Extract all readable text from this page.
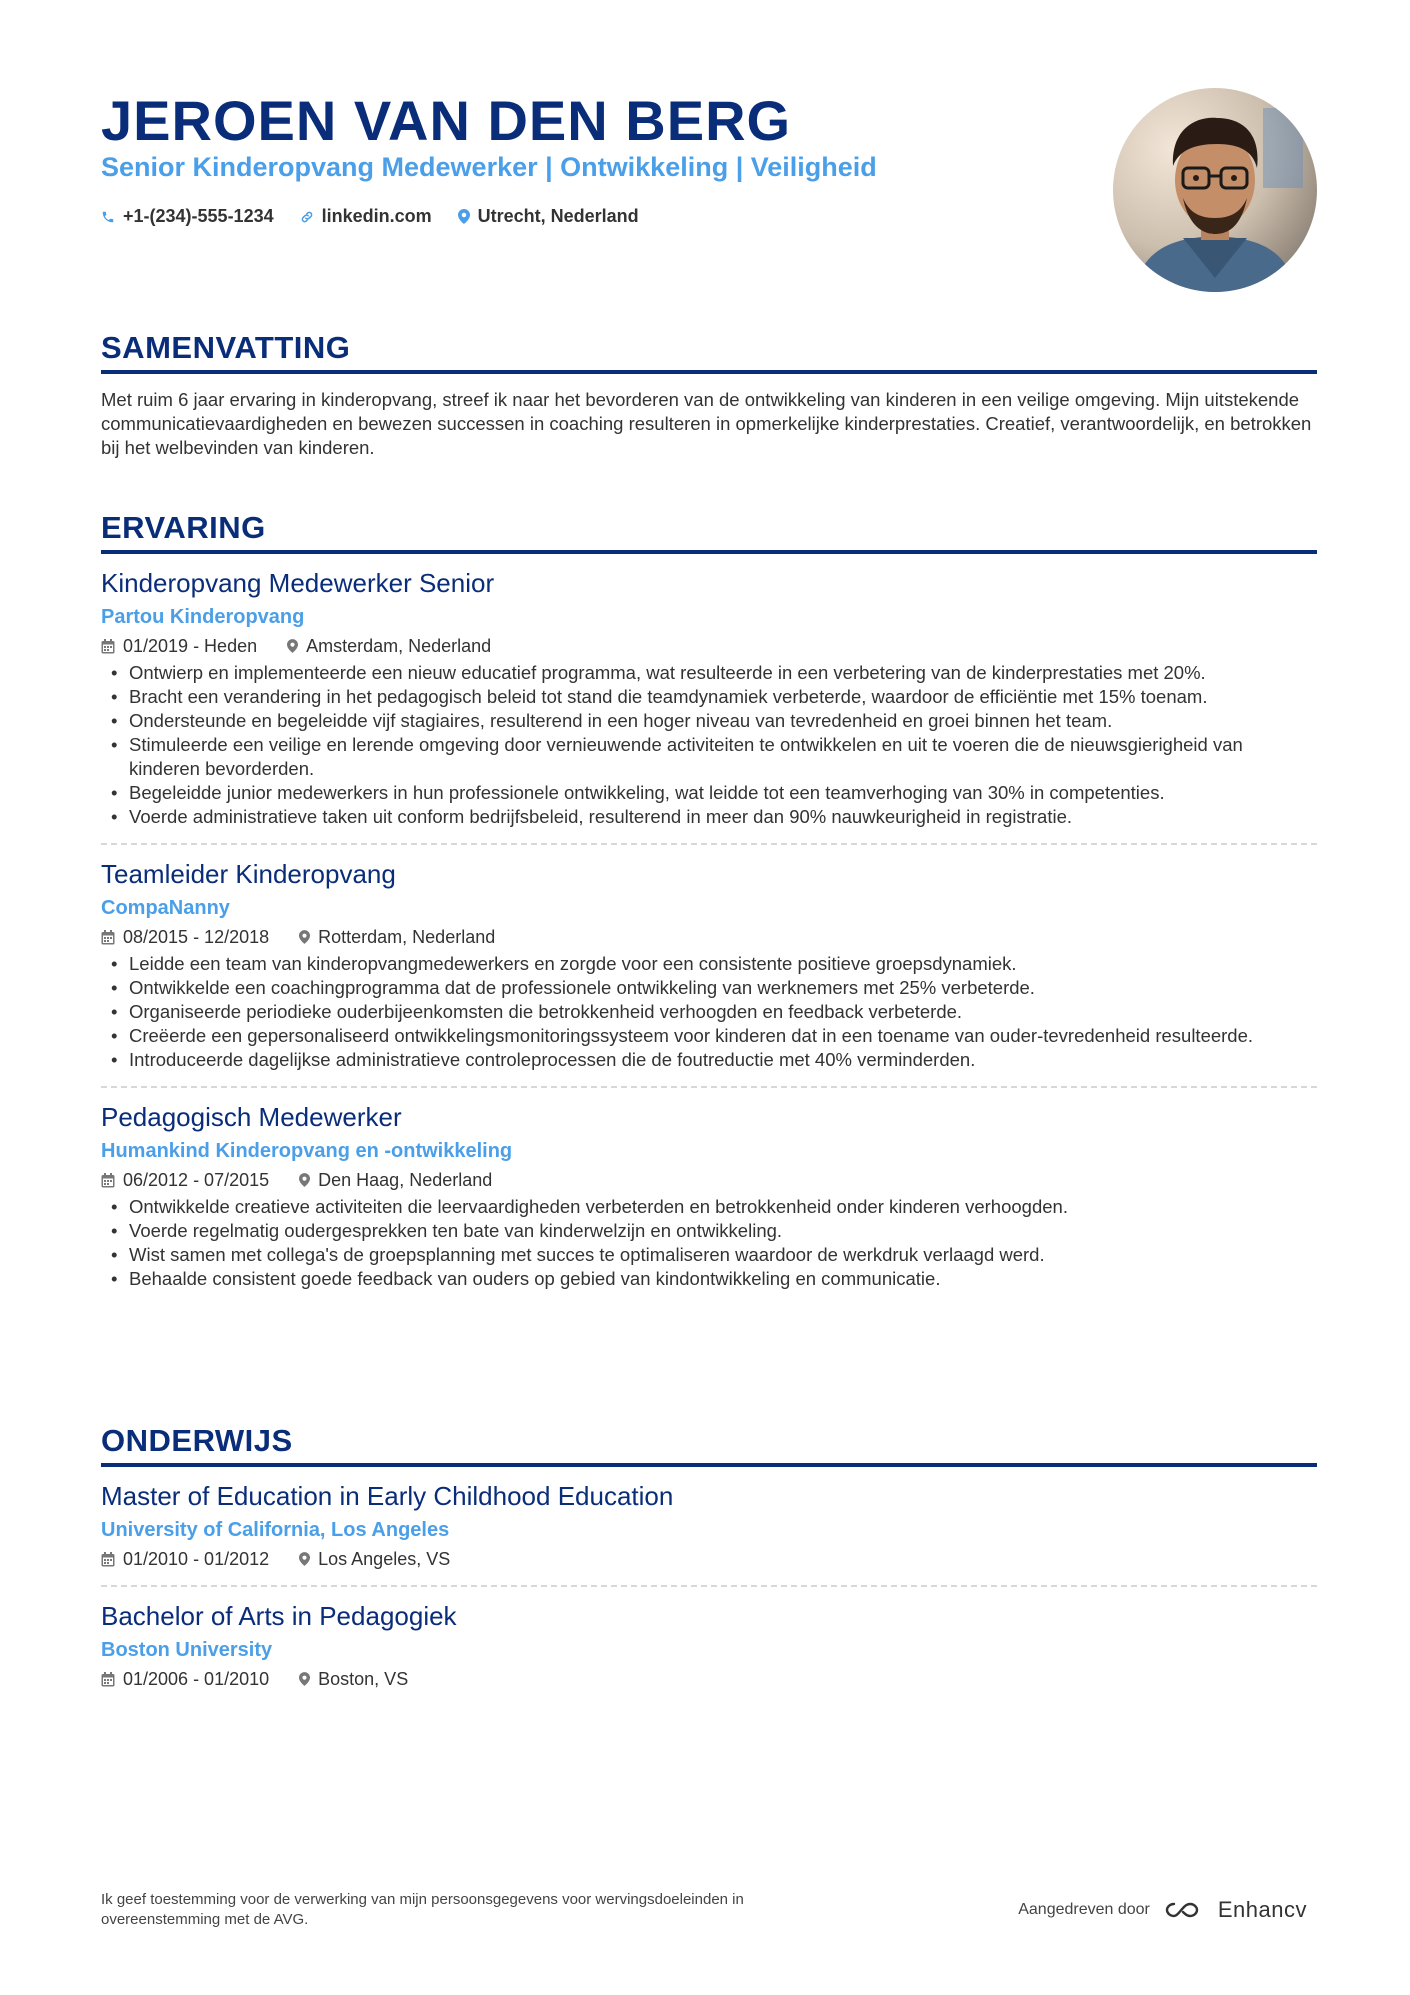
JEROEN VAN DEN BERG
Senior Kinderopvang Medewerker | Ontwikkeling | Veiligheid
+1-(234)-555-1234	linkedin.com	Utrecht, Nederland
SAMENVATTING
Met ruim 6 jaar ervaring in kinderopvang, streef ik naar het bevorderen van de ontwikkeling van kinderen in een veilige omgeving. Mijn uitstekende communicatievaardigheden en bewezen successen in coaching resulteren in opmerkelijke kinderprestaties. Creatief, verantwoordelijk, en betrokken bij het welbevinden van kinderen.
ERVARING
Kinderopvang Medewerker Senior
Partou Kinderopvang
01/2019 - Heden	Amsterdam, Nederland
• Ontwierp en implementeerde een nieuw educatief programma, wat resulteerde in een verbetering van de kinderprestaties met 20%.
• Bracht een verandering in het pedagogisch beleid tot stand die teamdynamiek verbeterde, waardoor de efficiëntie met 15% toenam.
• Ondersteunde en begeleidde vijf stagiaires, resulterend in een hoger niveau van tevredenheid en groei binnen het team.
• Stimuleerde een veilige en lerende omgeving door vernieuwende activiteiten te ontwikkelen en uit te voeren die de nieuwsgierigheid van kinderen bevorderden.
• Begeleidde junior medewerkers in hun professionele ontwikkeling, wat leidde tot een teamverhoging van 30% in competenties.
• Voerde administratieve taken uit conform bedrijfsbeleid, resulterend in meer dan 90% nauwkeurigheid in registratie.
Teamleider Kinderopvang
CompaNanny
08/2015 - 12/2018	Rotterdam, Nederland
• Leidde een team van kinderopvangmedewerkers en zorgde voor een consistente positieve groepsdynamiek.
• Ontwikkelde een coachingprogramma dat de professionele ontwikkeling van werknemers met 25% verbeterde.
• Organiseerde periodieke ouderbijeenkomsten die betrokkenheid verhoogden en feedback verbeterde.
• Creëerde een gepersonaliseerd ontwikkelingsmonitoringssysteem voor kinderen dat in een toename van ouder-tevredenheid resulteerde.
• Introduceerde dagelijkse administratieve controleprocessen die de foutreductie met 40% verminderden.
Pedagogisch Medewerker
Humankind Kinderopvang en -ontwikkeling
06/2012 - 07/2015	Den Haag, Nederland
• Ontwikkelde creatieve activiteiten die leervaardigheden verbeterden en betrokkenheid onder kinderen verhoogden.
• Voerde regelmatig oudergesprekken ten bate van kinderwelzijn en ontwikkeling.
• Wist samen met collega's de groepsplanning met succes te optimaliseren waardoor de werkdruk verlaagd werd.
• Behaalde consistent goede feedback van ouders op gebied van kindontwikkeling en communicatie.
ONDERWIJS
Master of Education in Early Childhood Education
University of California, Los Angeles
01/2010 - 01/2012	Los Angeles, VS
Bachelor of Arts in Pedagogiek
Boston University
01/2006 - 01/2010	Boston, VS
Ik geef toestemming voor de verwerking van mijn persoonsgegevens voor wervingsdoeleinden in overeenstemming met de AVG.
Aangedreven door	Enhancv
